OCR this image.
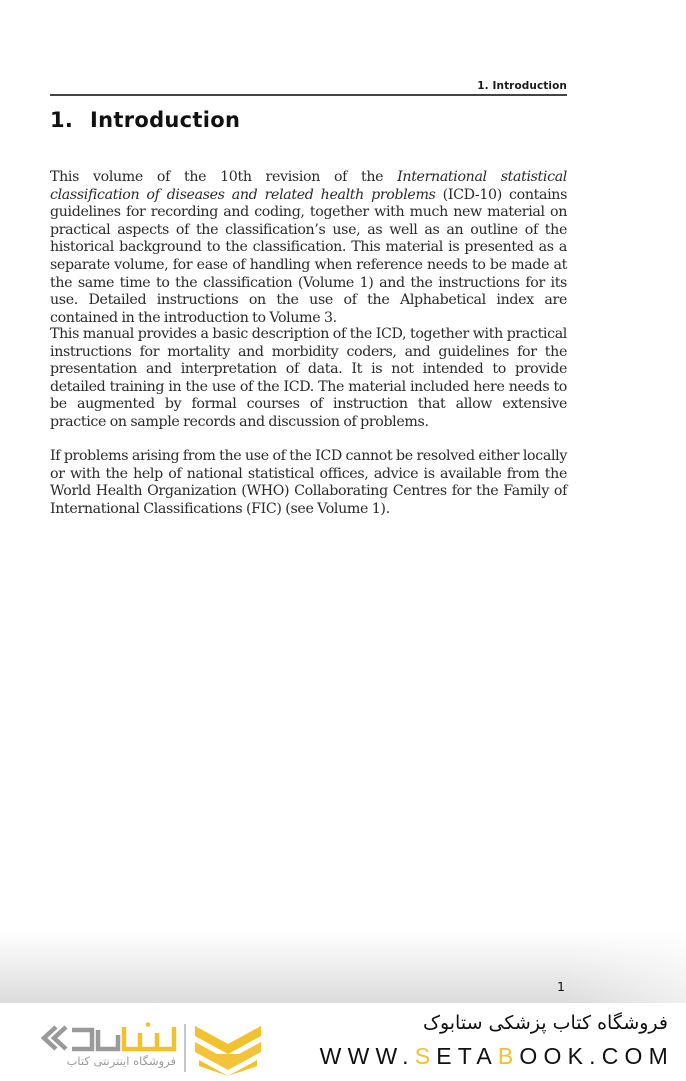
1. Introduction
1. Introduction

This volume of the 10th revision of the International statistical classification of diseases and related health problems (ICD-10) contains guidelines for recording and coding, together with much new material on practical aspects of the classification’s use, as well as an outline of the historical background to the classification. This material is presented as a separate volume, for ease of handling when reference needs to be made at the same time to the classification (Volume 1) and the instructions for its use. Detailed instructions on the use of the Alphabetical index are contained in the introduction to Volume 3.

This manual provides a basic description of the ICD, together with practical instructions for mortality and morbidity coders, and guidelines for the presentation and interpretation of data. It is not intended to provide detailed training in the use of the ICD. The material included here needs to be augmented by formal courses of instruction that allow extensive practice on sample records and discussion of problems.

If problems arising from the use of the ICD cannot be resolved either locally or with the help of national statistical offices, advice is available from the World Health Organization (WHO) Collaborating Centres for the Family of International Classifications (FIC) (see Volume 1).

1
فروشگاه اینترنتی کتاب
فروشگاه کتاب پزشکی ستابوک
WWW.SETABOOK.COM
